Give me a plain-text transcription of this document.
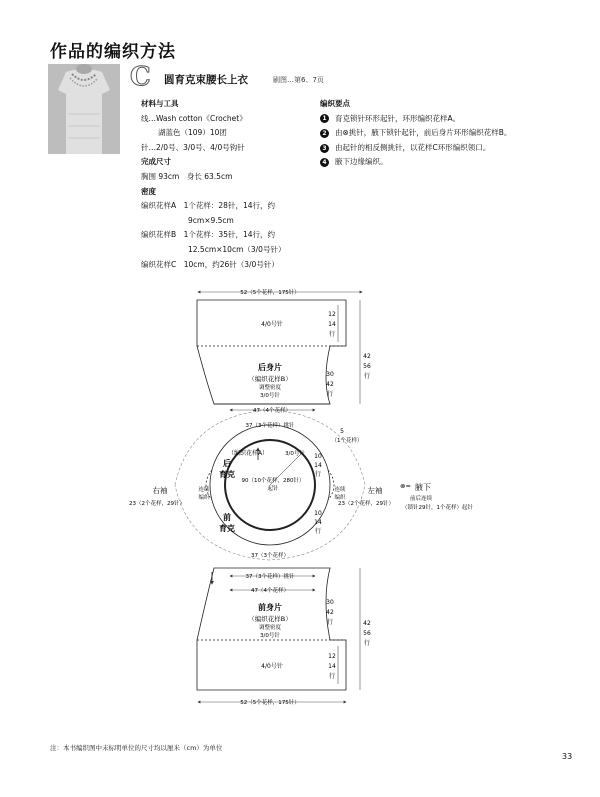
作品的编织方法
C	圆育克束腰长上衣	刷图…第6、7页
材料与工具
线…Wash cotton《Crochet》
湖蓝色（109）10团
针…2/0号、3/0号、4/0号钩针
完成尺寸
胸围 93cm　身长 63.5cm
密度
编织花样A　1个花样：28针，14行，约
9cm×9.5cm
编织花样B　1个花样：35针，14行，约
12.5cm×10cm（3/0号针）
编织花样C　10cm，约26针（3/0号针）
编织要点
1	育克锁针环形起针，环形编织花样A。
2	由⊗挑针，腋下锁针起针，前后身片环形编织花样B。
3	由起针的相反侧挑针，以花样C环形编织领口。
4	腋下边缘编织。
52（5个花样，175针）
4/0号针
12
14
行
后身片
（编织花样B）
调整密度
3/0号针
30
42
行
42
56
行
47（4个花样）
37（3个花样）挑针
5
（1个花样）
（编织花样A）	3/0号针
后
育克
90（10个花样，280针）
起针
10
14
行
10
14
行
前
育克
37（3个花样）
右袖
23（2个花样，29针）
连续
编织
左袖
23（2个花样，29针）
连续
编织
⊗= 腋下
前后连续
（锁针29针，1个花样）起针
37（3个花样）挑针
47（4个花样）
前身片
（编织花样B）
调整密度
3/0号针
30
42
行	42
56
行
4/0号针
12
14
行
52（5个花样，175针）
注：本书编织图中未标明单位的尺寸均以厘米（cm）为单位
33
